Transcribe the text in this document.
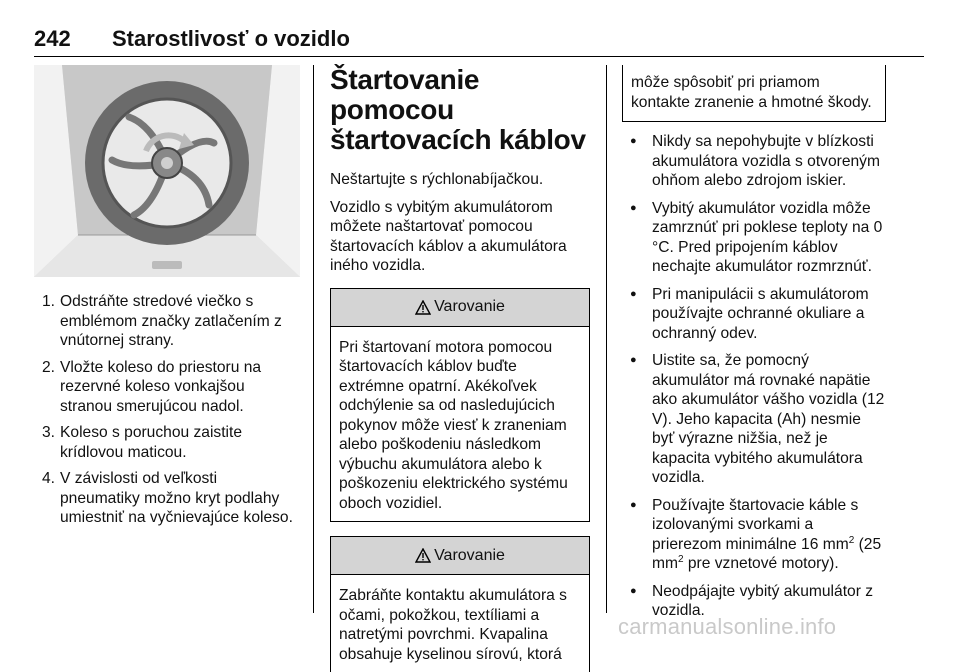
242 Starostlivosť o vozidlo
1. Odstráňte stredové viečko s emblémom značky zatlačením z vnútornej strany.
2. Vložte koleso do priestoru na rezervné koleso vonkajšou stranou smerujúcou nadol.
3. Koleso s poruchou zaistite krídlovou maticou.
4. V závislosti od veľkosti pneumatiky možno kryt podlahy umiestniť na vyčnievajúce koleso.
Štartovanie pomocou štartovacích káblov

Neštartujte s rýchlonabíjačkou.

Vozidlo s vybitým akumulátorom môžete naštartovať pomocou štartovacích káblov a akumulátora iného vozidla.

Varovanie
Pri štartovaní motora pomocou štartovacích káblov buďte extrémne opatrní. Akékoľvek odchýlenie sa od nasledujúcich pokynov môže viesť k zraneniam alebo poškodeniu následkom výbuchu akumulátora alebo k poškozeniu elektrického systému oboch vozidiel.
Varovanie
Zabráňte kontaktu akumulátora s očami, pokožkou, textíliami a natretými povrchmi. Kvapalina obsahuje kyselinou sírovú, ktorá
môže spôsobiť pri priamom kontakte zranenie a hmotné škody.
● Nikdy sa nepohybujte v blízkosti akumulátora vozidla s otvoreným ohňom alebo zdrojom iskier.
● Vybitý akumulátor vozidla môže zamrznúť pri poklese teploty na 0 °C. Pred pripojením káblov nechajte akumulátor rozmrznúť.
● Pri manipulácii s akumulátorom používajte ochranné okuliare a ochranný odev.
● Uistite sa, že pomocný akumulátor má rovnaké napätie ako akumulátor vášho vozidla (12 V). Jeho kapacita (Ah) nesmie byť výrazne nižšia, než je kapacita vybitého akumulátora vozidla.
● Používajte štartovacie káble s izolovanými svorkami a prierezom minimálne 16 $mm^2$ (25 $mm^2$ pre vznetové motory).
● Neodpájajte vybitý akumulátor z vozidla.
carmanualsonline.info
